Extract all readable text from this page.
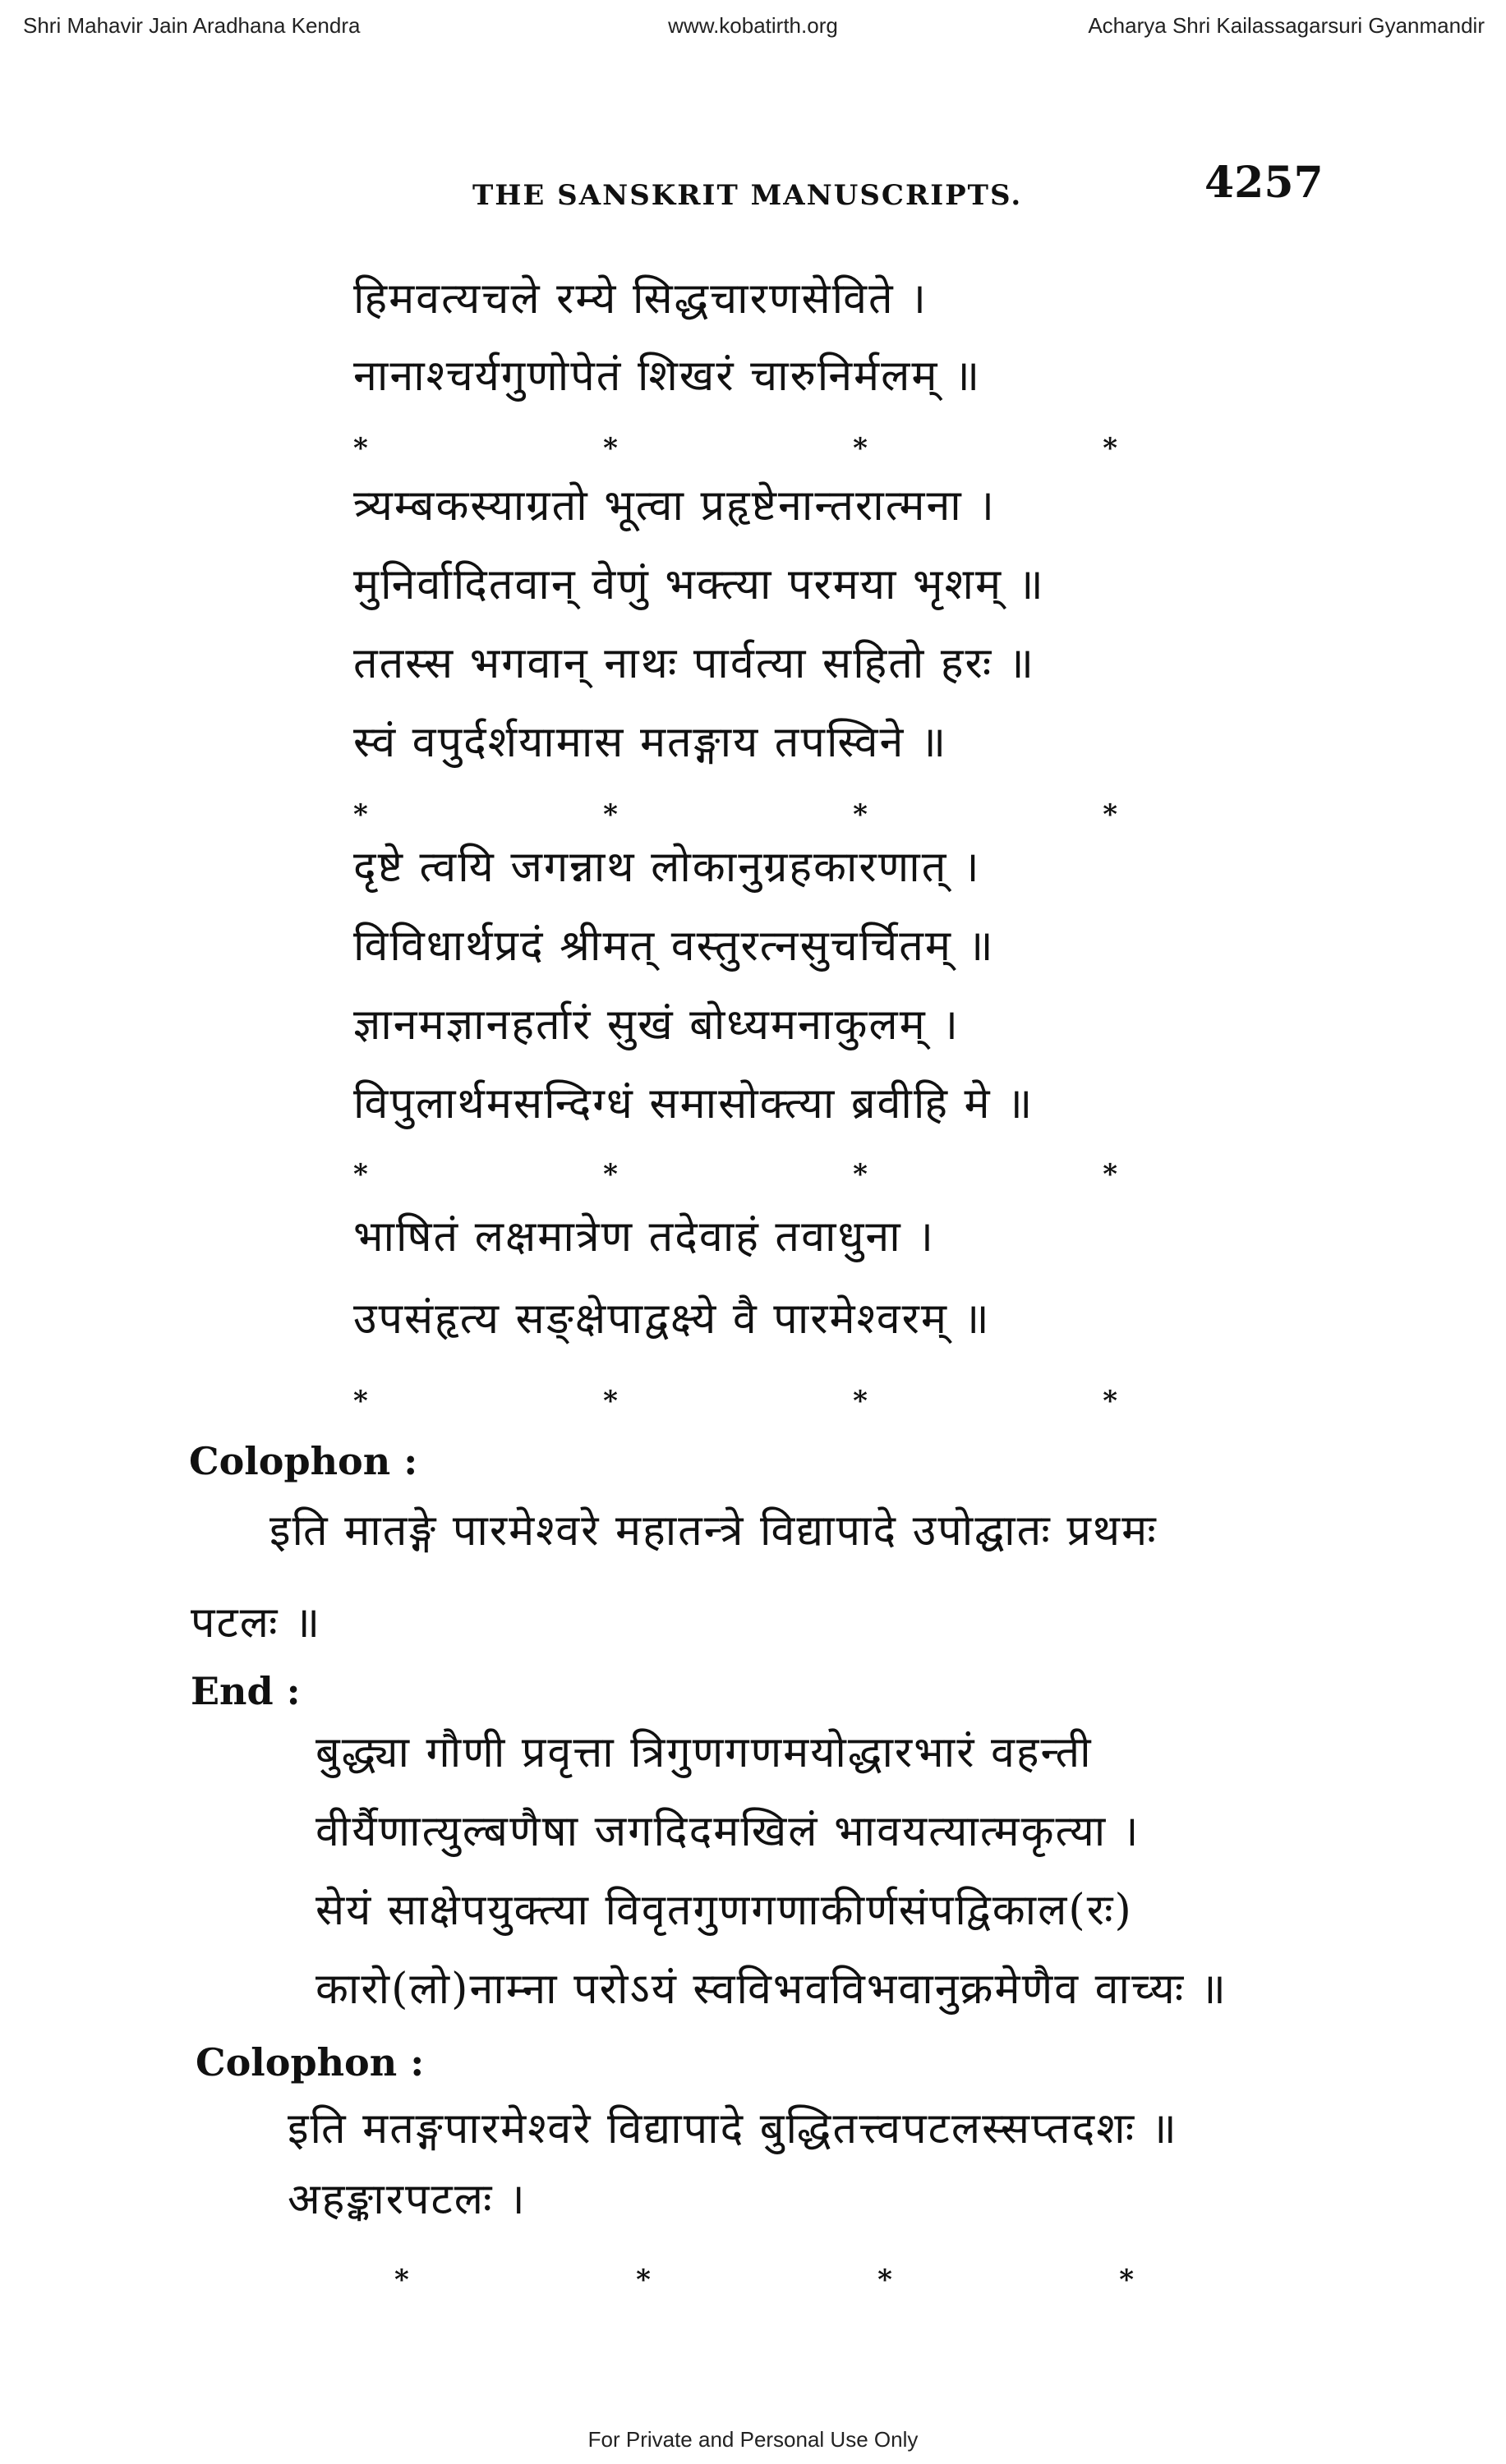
Shri Mahavir Jain Aradhana Kendra	www.kobatirth.org	Acharya Shri Kailassagarsuri Gyanmandir
THE SANSKRIT MANUSCRIPTS.	4257
हिमवत्यचले रम्ये सिद्धचारणसेविते ।
नानाश्चर्यगुणोपेतं शिखरं चारुनिर्मलम् ॥
*	*	*	*
त्र्यम्बकस्याग्रतो भूत्वा प्रहृष्टेनान्तरात्मना ।
मुनिर्वादितवान् वेणुं भक्त्या परमया भृशम् ॥
ततस्स भगवान् नाथः पार्वत्या सहितो हरः ॥
स्वं वपुर्दर्शयामास मतङ्गाय तपस्विने ॥
*	*	*	*
दृष्टे त्वयि जगन्नाथ लोकानुग्रहकारणात् ।
विविधार्थप्रदं श्रीमत् वस्तुरत्नसुचर्चितम् ॥
ज्ञानमज्ञानहर्तारं सुखं बोध्यमनाकुलम् ।
विपुलार्थमसन्दिग्धं समासोक्त्या ब्रवीहि मे ॥
*	*	*	*
भाषितं लक्षमात्रेण तदेवाहं तवाधुना ।
उपसंहृत्य सङ्क्षेपाद्वक्ष्ये वै पारमेश्वरम् ॥
*	*	*	*
Colophon :
इति मातङ्गे पारमेश्वरे महातन्त्रे विद्यापादे उपोद्घातः प्रथमः
पटलः ॥
End :
बुद्ध्या गौणी प्रवृत्ता त्रिगुणगणमयोद्धारभारं वहन्ती
वीर्यैणात्युल्बणैषा जगदिदमखिलं भावयत्यात्मकृत्या ।
सेयं साक्षेपयुक्त्या विवृतगुणगणाकीर्णसंपद्विकाल(रः)
कारो(लो)नाम्ना परोऽयं स्वविभवविभवानुक्रमेणैव वाच्यः ॥
Colophon :
इति मतङ्गपारमेश्वरे विद्यापादे बुद्धितत्त्वपटलस्सप्तदशः ॥
अहङ्कारपटलः ।
*	*	*	*
For Private and Personal Use Only
